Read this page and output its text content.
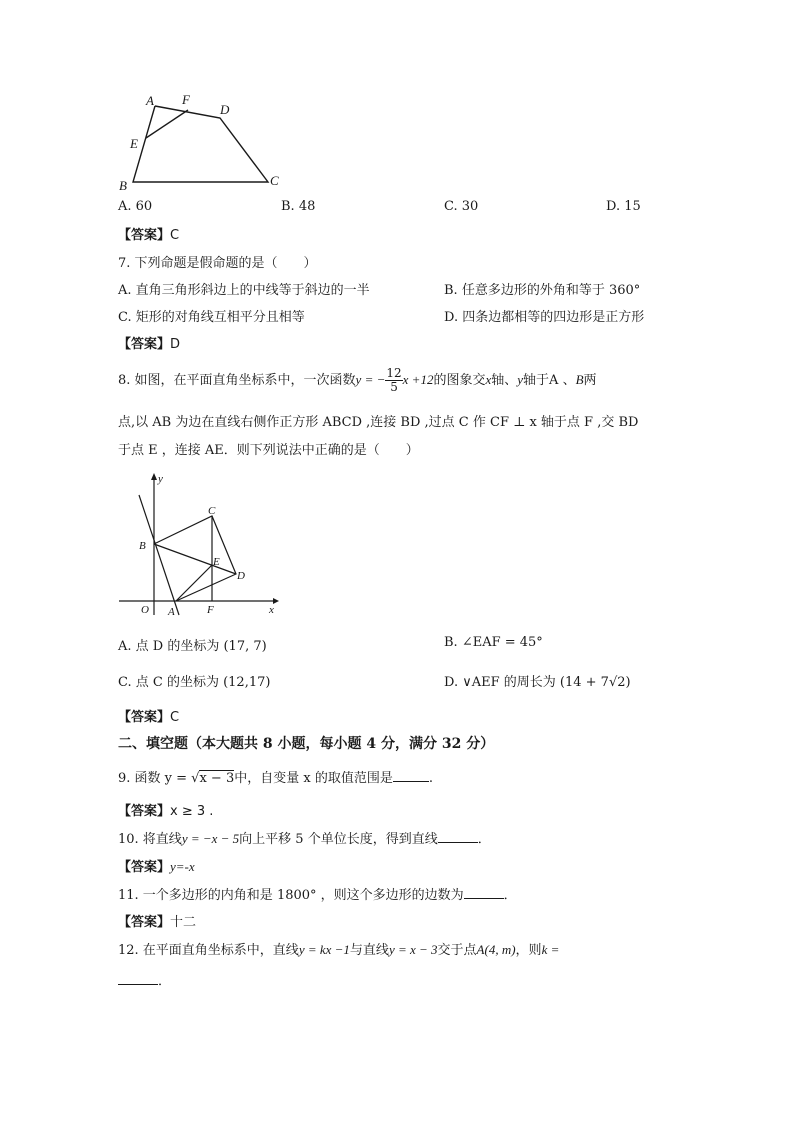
A F
D
E
B	C
A. 60	B. 48	C. 30	D. 15
【答案】C
7. 下列命题是假命题的是（　　）
A. 直角三角形斜边上的中线等于斜边的一半	B. 任意多边形的外角和等于 360°
C. 矩形的对角线互相平分且相等	D. 四条边都相等的四边形是正方形
【答案】D
8. 如图，在平面直角坐标系中，一次函数y = − $\frac{12}{5}$ x +12的图象交x轴、y轴于A 、B两
点,以 AB 为边在直线右侧作正方形 ABCD ,连接 BD ,过点 C 作 CF ⊥ x 轴于点 F ,交 BD
于点 E ，连接 AE．则下列说法中正确的是（　　）
y
x
O A
B
C
D
E
F
A. 点 D 的坐标为 (17, 7)	B. ∠EAF = 45°
C. 点 C 的坐标为 (12,17)	D. ∨AEF 的周长为 (14 + 7√2)
【答案】C
二、填空题（本大题共 8 小题，每小题 4 分，满分 32 分）
9. 函数 y = √x − 3中，自变量 x 的取值范围是	.
【答案】x ≥ 3 .
10. 将直线y = −x − 5向上平移 5 个单位长度，得到直线	．
【答案】y=-x
11. 一个多边形的内角和是 1800° ，则这个多边形的边数为	．
【答案】十二
12. 在平面直角坐标系中，直线y = kx −1与直线y = x − 3交于点A(4, m)，则k =
．
